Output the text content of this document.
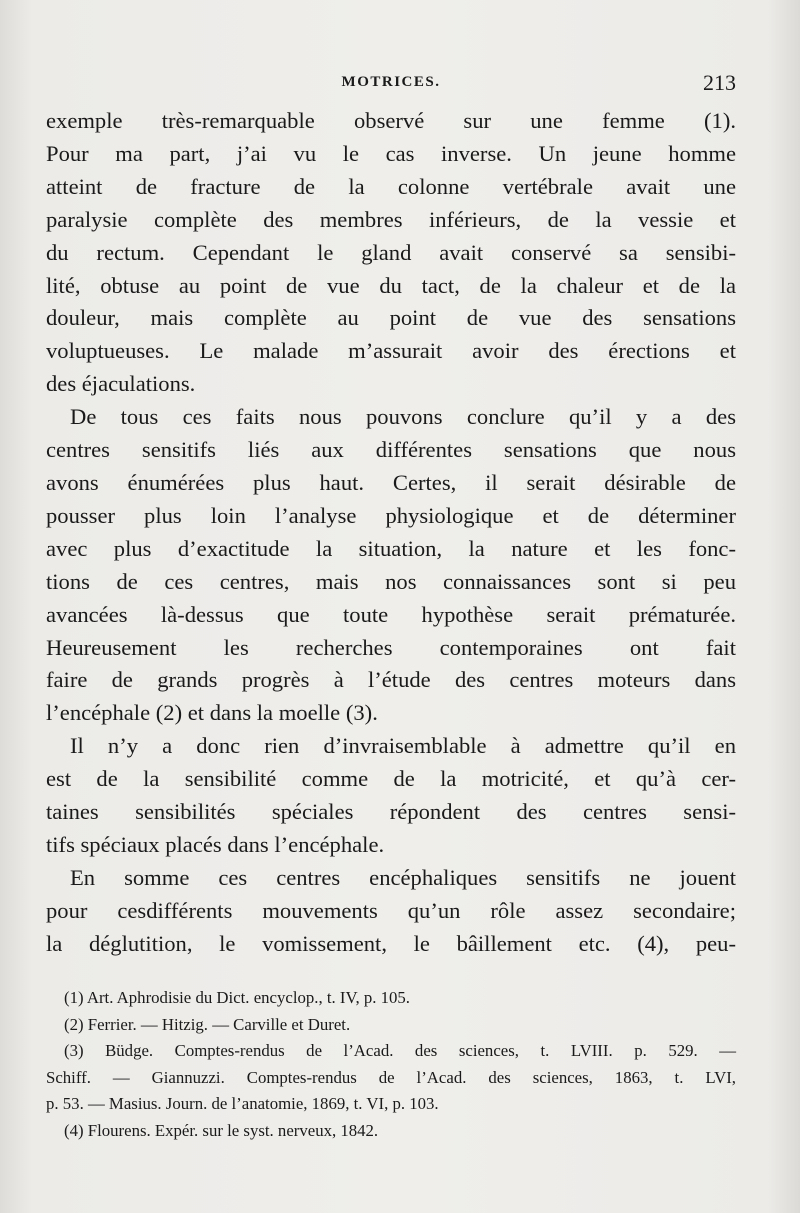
MOTRICES.	213
exemple très-remarquable observé sur une femme (1).
Pour ma part, j’ai vu le cas inverse. Un jeune homme
atteint de fracture de la colonne vertébrale avait une
paralysie complète des membres inférieurs, de la vessie et
du rectum. Cependant le gland avait conservé sa sensibi-
lité, obtuse au point de vue du tact, de la chaleur et de la
douleur, mais complète au point de vue des sensations
voluptueuses. Le malade m’assurait avoir des érections et
des éjaculations.
De tous ces faits nous pouvons conclure qu’il y a des
centres sensitifs liés aux différentes sensations que nous
avons énumérées plus haut. Certes, il serait désirable de
pousser plus loin l’analyse physiologique et de déterminer
avec plus d’exactitude la situation, la nature et les fonc-
tions de ces centres, mais nos connaissances sont si peu
avancées là-dessus que toute hypothèse serait prématurée.
Heureusement les recherches contemporaines ont fait
faire de grands progrès à l’étude des centres moteurs dans
l’encéphale (2) et dans la moelle (3).
Il n’y a donc rien d’invraisemblable à admettre qu’il en
est de la sensibilité comme de la motricité, et qu’à cer-
taines sensibilités spéciales répondent des centres sensi-
tifs spéciaux placés dans l’encéphale.
En somme ces centres encéphaliques sensitifs ne jouent
pour cesdifférents mouvements qu’un rôle assez secondaire;
la déglutition, le vomissement, le bâillement etc. (4), peu-
(1) Art. Aphrodisie du Dict. encyclop., t. IV, p. 105.
(2) Ferrier. — Hitzig. — Carville et Duret.
(3) Büdge. Comptes-rendus de l’Acad. des sciences, t. LVIII. p. 529. —
Schiff. — Giannuzzi. Comptes-rendus de l’Acad. des sciences, 1863, t. LVI,
p. 53. — Masius. Journ. de l’anatomie, 1869, t. VI, p. 103.
(4) Flourens. Expér. sur le syst. nerveux, 1842.
